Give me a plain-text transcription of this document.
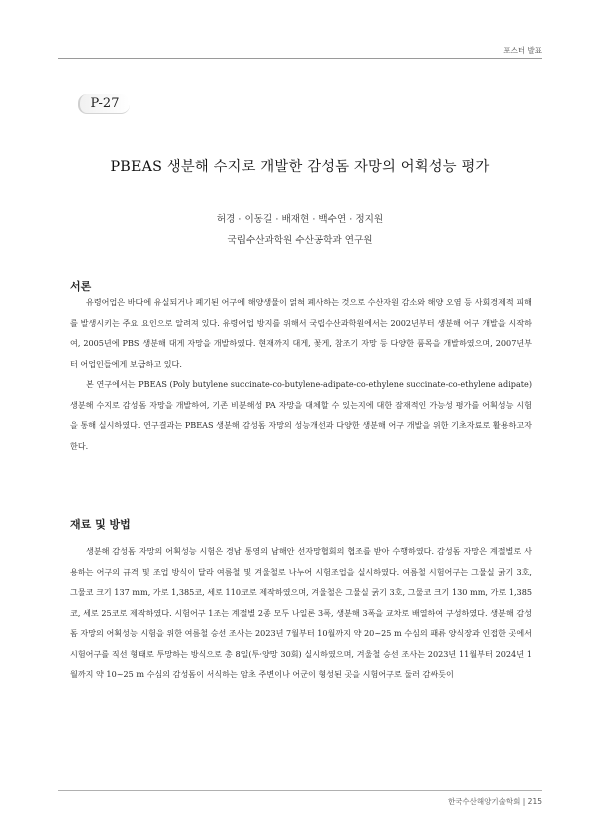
포스터 발표
P-27
PBEAS 생분해 수지로 개발한 감성돔 자망의 어획성능 평가
허경 · 이동길 · 배재현 · 백수연 · 정지원
국립수산과학원 수산공학과 연구원
서론

유령어업은 바다에 유실되거나 폐기된 어구에 해양생물이 얽혀 폐사하는 것으로 수산자원 감소와 해양 오염 등 사회경제적 피해를 발생시키는 주요 요인으로 알려져 있다. 유령어업 방지를 위해서 국립수산과학원에서는 2002년부터 생분해 어구 개발을 시작하여, 2005년에 PBS 생분해 대게 자망을 개발하였다. 현재까지 대게, 꽃게, 참조기 자망 등 다양한 품목을 개발하였으며, 2007년부터 어업인들에게 보급하고 있다.

본 연구에서는 PBEAS (Poly butylene succinate-co-butylene-adipate-co-ethylene succinate-co-ethylene adipate)생분해 수지로 감성돔 자망을 개발하여, 기존 비분해성 PA 자망을 대체할 수 있는지에 대한 잠재적인 가능성 평가를 어획성능 시험을 통해 실시하였다. 연구결과는 PBEAS 생분해 감성돔 자망의 성능개선과 다양한 생분해 어구 개발을 위한 기초자료로 활용하고자 한다.

재료 및 방법

생분해 감성돔 자망의 어획성능 시험은 경남 통영의 남해안 선자망협회의 협조를 받아 수행하였다. 감성돔 자망은 계절별로 사용하는 어구의 규격 및 조업 방식이 달라 여름철 및 겨울철로 나누어 시험조업을 실시하였다. 여름철 시험어구는 그물실 굵기 3호, 그물코 크기 137 mm, 가로 1,385코, 세로 110코로 제작하였으며, 겨울철은 그물실 굵기 3호, 그물코 크기 130 mm, 가로 1,385코, 세로 25코로 제작하였다. 시험어구 1조는 계절별 2종 모두 나일론 3폭, 생분해 3폭을 교차로 배열하여 구성하였다. 생분해 감성돔 자망의 어획성능 시험을 위한 여름철 승선 조사는 2023년 7월부터 10월까지 약 20~25 m 수심의 패류 양식장과 인접한 곳에서 시험어구를 직선 형태로 투망하는 방식으로 총 8일(투·양망 30회) 실시하였으며, 겨울철 승선 조사는 2023년 11월부터 2024년 1월까지 약 10~25 m 수심의 감성돔이 서식하는 암초 주변이나 어군이 형성된 곳을 시험어구로 둘러 감싸듯이

한국수산해양기술학회 | 215
